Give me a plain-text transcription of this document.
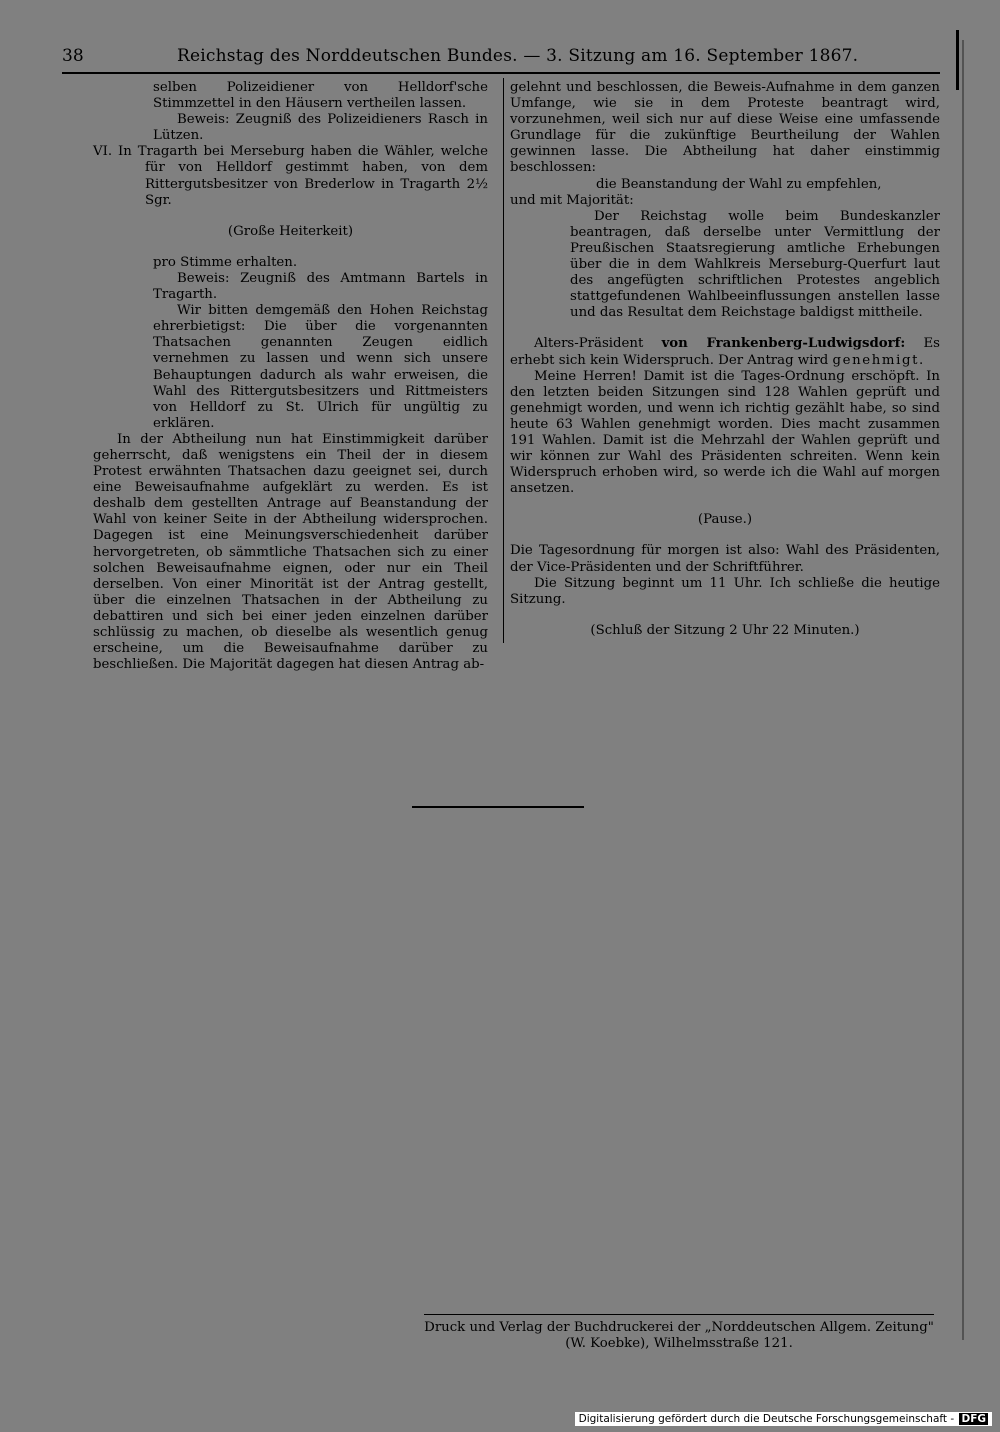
38	Reichstag des Norddeutschen Bundes. — 3. Sitzung am 16. September 1867.

selben Polizeidiener von Helldorf'sche Stimmzettel in den Häusern vertheilen lassen.

Beweis: Zeugniß des Polizeidieners Rasch in Lützen.

VI. In Tragarth bei Merseburg haben die Wähler, welche für von Helldorf gestimmt haben, von dem Rittergutsbesitzer von Brederlow in Tragarth 2½ Sgr.

(Große Heiterkeit)

pro Stimme erhalten.

Beweis: Zeugniß des Amtmann Bartels in Tragarth.

Wir bitten demgemäß den Hohen Reichstag ehrerbietigst: Die über die vorgenannten Thatsachen genannten Zeugen eidlich vernehmen zu lassen und wenn sich unsere Behauptungen dadurch als wahr erweisen, die Wahl des Rittergutsbesitzers und Rittmeisters von Helldorf zu St. Ulrich für ungültig zu erklären.

In der Abtheilung nun hat Einstimmigkeit darüber geherrscht, daß wenigstens ein Theil der in diesem Protest erwähnten Thatsachen dazu geeignet sei, durch eine Beweisaufnahme aufgeklärt zu werden. Es ist deshalb dem gestellten Antrage auf Beanstandung der Wahl von keiner Seite in der Abtheilung widersprochen. Dagegen ist eine Meinungsverschiedenheit darüber hervorgetreten, ob sämmtliche Thatsachen sich zu einer solchen Beweisaufnahme eignen, oder nur ein Theil derselben. Von einer Minorität ist der Antrag gestellt, über die einzelnen Thatsachen in der Abtheilung zu debattiren und sich bei einer jeden einzelnen darüber schlüssig zu machen, ob dieselbe als wesentlich genug erscheine, um die Beweisaufnahme darüber zu beschließen. Die Majorität dagegen hat diesen Antrag ab-

gelehnt und beschlossen, die Beweis-Aufnahme in dem ganzen Umfange, wie sie in dem Proteste beantragt wird, vorzunehmen, weil sich nur auf diese Weise eine umfassende Grundlage für die zukünftige Beurtheilung der Wahlen gewinnen lasse. Die Abtheilung hat daher einstimmig beschlossen:

die Beanstandung der Wahl zu empfehlen,

und mit Majorität:

Der Reichstag wolle beim Bundeskanzler beantragen, daß derselbe unter Vermittlung der Preußischen Staatsregierung amtliche Erhebungen über die in dem Wahlkreis Merseburg-Querfurt laut des angefügten schriftlichen Protestes angeblich stattgefundenen Wahlbeeinflussungen anstellen lasse und das Resultat dem Reichstage baldigst mittheile.

Alters-Präsident von Frankenberg-Ludwigsdorf: Es erhebt sich kein Widerspruch. Der Antrag wird genehmigt.

Meine Herren! Damit ist die Tages-Ordnung erschöpft. In den letzten beiden Sitzungen sind 128 Wahlen geprüft und genehmigt worden, und wenn ich richtig gezählt habe, so sind heute 63 Wahlen genehmigt worden. Dies macht zusammen 191 Wahlen. Damit ist die Mehrzahl der Wahlen geprüft und wir können zur Wahl des Präsidenten schreiten. Wenn kein Widerspruch erhoben wird, so werde ich die Wahl auf morgen ansetzen.

(Pause.)

Die Tagesordnung für morgen ist also: Wahl des Präsidenten, der Vice-Präsidenten und der Schriftführer.

Die Sitzung beginnt um 11 Uhr. Ich schließe die heutige Sitzung.

(Schluß der Sitzung 2 Uhr 22 Minuten.)

Druck und Verlag der Buchdruckerei der „Norddeutschen Allgem. Zeitung"
(W. Koebke), Wilhelmsstraße 121.
Digitalisierung gefördert durch die Deutsche Forschungsgemeinschaft - DFG
